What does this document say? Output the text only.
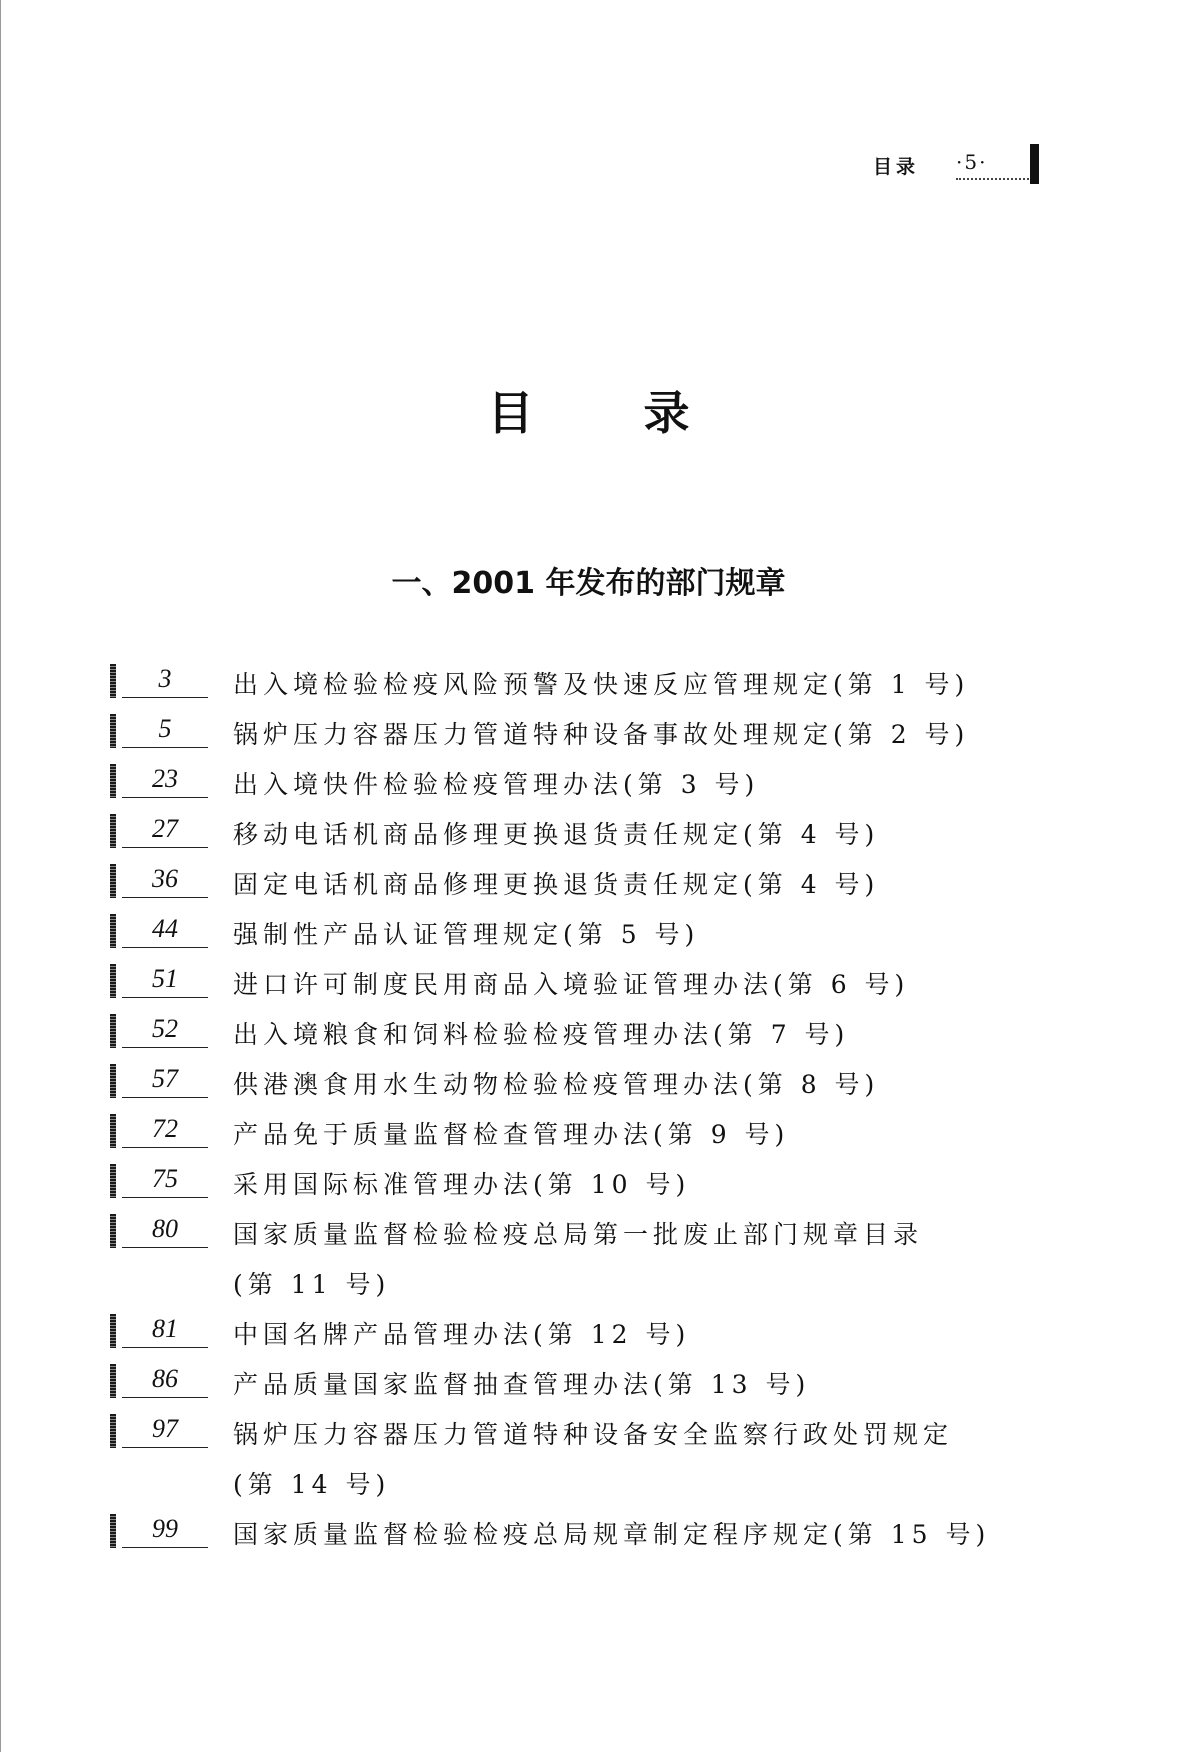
目录 ·5·
目录
一、2001 年发布的部门规章
3	出入境检验检疫风险预警及快速反应管理规定(第 1 号)
5	锅炉压力容器压力管道特种设备事故处理规定(第 2 号)
23	出入境快件检验检疫管理办法(第 3 号)
27	移动电话机商品修理更换退货责任规定(第 4 号)
36	固定电话机商品修理更换退货责任规定(第 4 号)
44	强制性产品认证管理规定(第 5 号)
51	进口许可制度民用商品入境验证管理办法(第 6 号)
52	出入境粮食和饲料检验检疫管理办法(第 7 号)
57	供港澳食用水生动物检验检疫管理办法(第 8 号)
72	产品免于质量监督检查管理办法(第 9 号)
75	采用国际标准管理办法(第 10 号)
80	国家质量监督检验检疫总局第一批废止部门规章目录
(第 11 号)
81	中国名牌产品管理办法(第 12 号)
86	产品质量国家监督抽查管理办法(第 13 号)
97	锅炉压力容器压力管道特种设备安全监察行政处罚规定
(第 14 号)
99	国家质量监督检验检疫总局规章制定程序规定(第 15 号)
